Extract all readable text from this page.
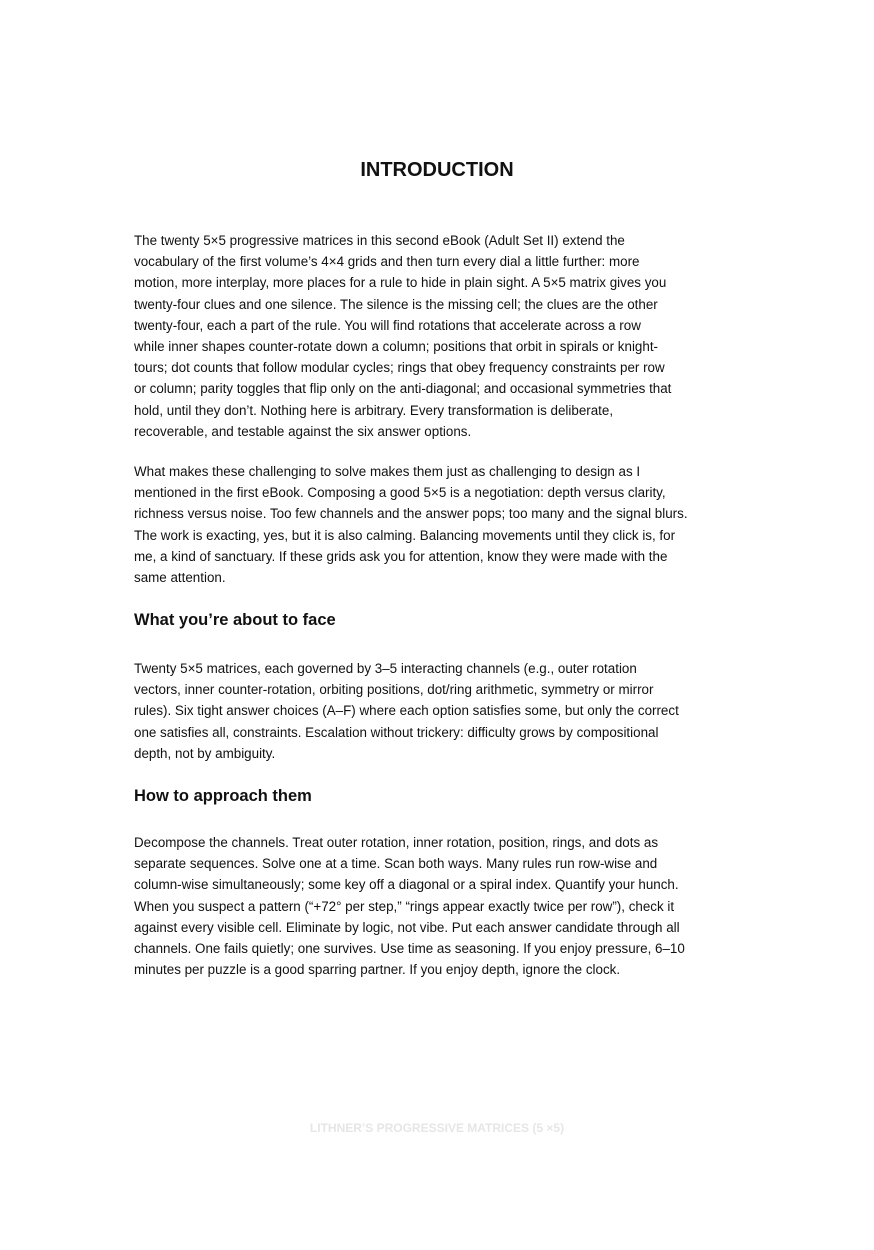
INTRODUCTION
The twenty 5×5 progressive matrices in this second eBook (Adult Set II) extend the
vocabulary of the first volume’s 4×4 grids and then turn every dial a little further: more
motion, more interplay, more places for a rule to hide in plain sight. A 5×5 matrix gives you
twenty-four clues and one silence. The silence is the missing cell; the clues are the other
twenty-four, each a part of the rule. You will find rotations that accelerate across a row
while inner shapes counter-rotate down a column; positions that orbit in spirals or knight-
tours; dot counts that follow modular cycles; rings that obey frequency constraints per row
or column; parity toggles that flip only on the anti-diagonal; and occasional symmetries that
hold, until they don’t. Nothing here is arbitrary. Every transformation is deliberate,
recoverable, and testable against the six answer options.
What makes these challenging to solve makes them just as challenging to design as I
mentioned in the first eBook. Composing a good 5×5 is a negotiation: depth versus clarity,
richness versus noise. Too few channels and the answer pops; too many and the signal blurs.
The work is exacting, yes, but it is also calming. Balancing movements until they click is, for
me, a kind of sanctuary. If these grids ask you for attention, know they were made with the
same attention.
What you’re about to face
Twenty 5×5 matrices, each governed by 3–5 interacting channels (e.g., outer rotation
vectors, inner counter-rotation, orbiting positions, dot/ring arithmetic, symmetry or mirror
rules). Six tight answer choices (A–F) where each option satisfies some, but only the correct
one satisfies all, constraints. Escalation without trickery: difficulty grows by compositional
depth, not by ambiguity.
How to approach them
Decompose the channels. Treat outer rotation, inner rotation, position, rings, and dots as
separate sequences. Solve one at a time. Scan both ways. Many rules run row-wise and
column-wise simultaneously; some key off a diagonal or a spiral index. Quantify your hunch.
When you suspect a pattern (“+72° per step,” “rings appear exactly twice per row”), check it
against every visible cell. Eliminate by logic, not vibe. Put each answer candidate through all
channels. One fails quietly; one survives. Use time as seasoning. If you enjoy pressure, 6–10
minutes per puzzle is a good sparring partner. If you enjoy depth, ignore the clock.
LITHNER’S PROGRESSIVE MATRICES (5 ×5)
